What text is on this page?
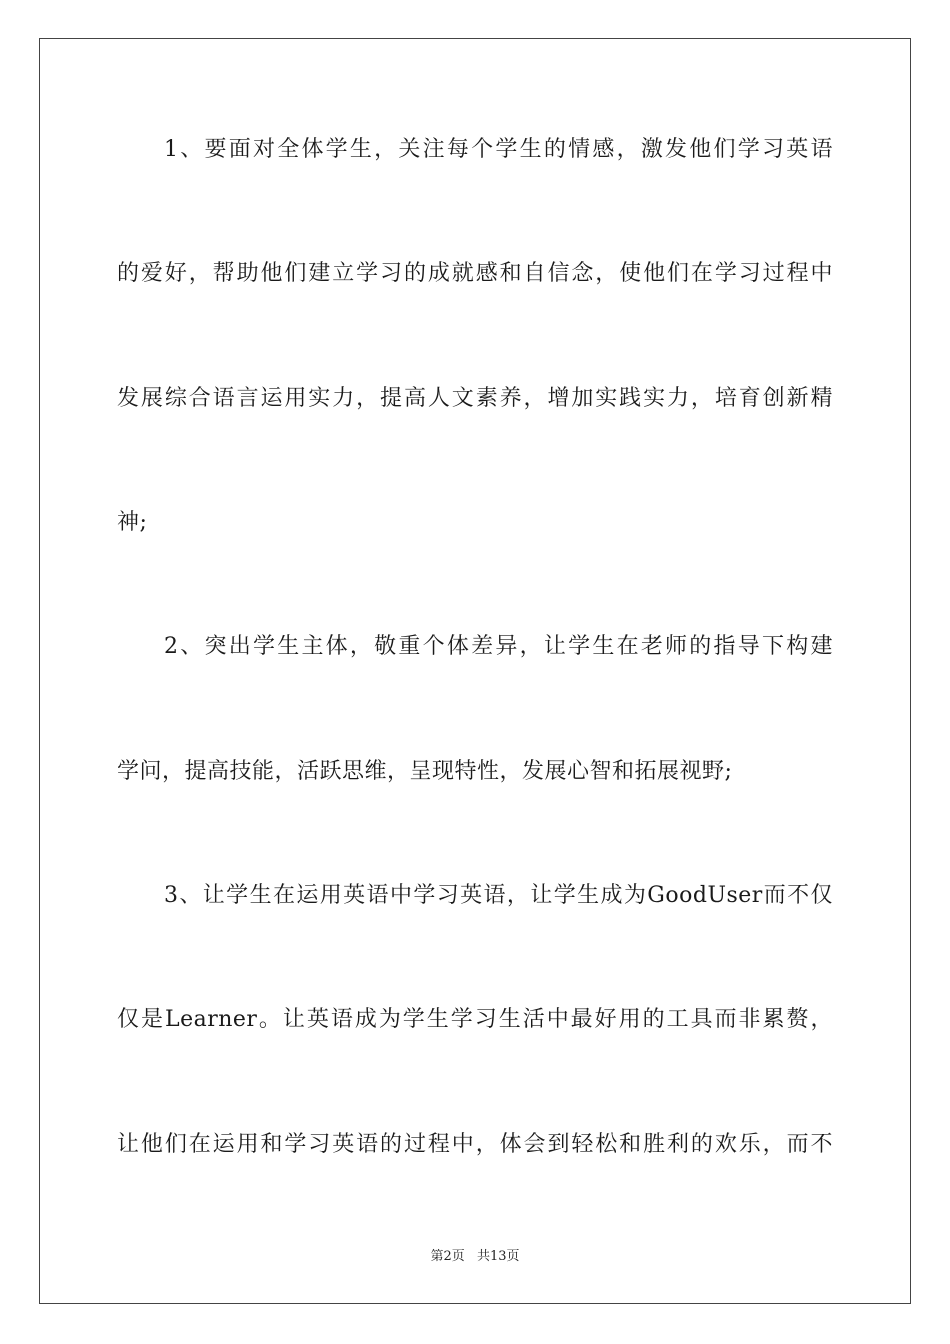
1、要面对全体学生，关注每个学生的情感，激发他们学习英语
的爱好，帮助他们建立学习的成就感和自信念，使他们在学习过程中
发展综合语言运用实力，提高人文素养，增加实践实力，培育创新精
神;
2、突出学生主体，敬重个体差异，让学生在老师的指导下构建
学问，提高技能，活跃思维，呈现特性，发展心智和拓展视野;
3、让学生在运用英语中学习英语，让学生成为GoodUser而不仅
仅是Learner。让英语成为学生学习生活中最好用的工具而非累赘，
让他们在运用和学习英语的过程中，体会到轻松和胜利的欢乐，而不
第2页 共13页
